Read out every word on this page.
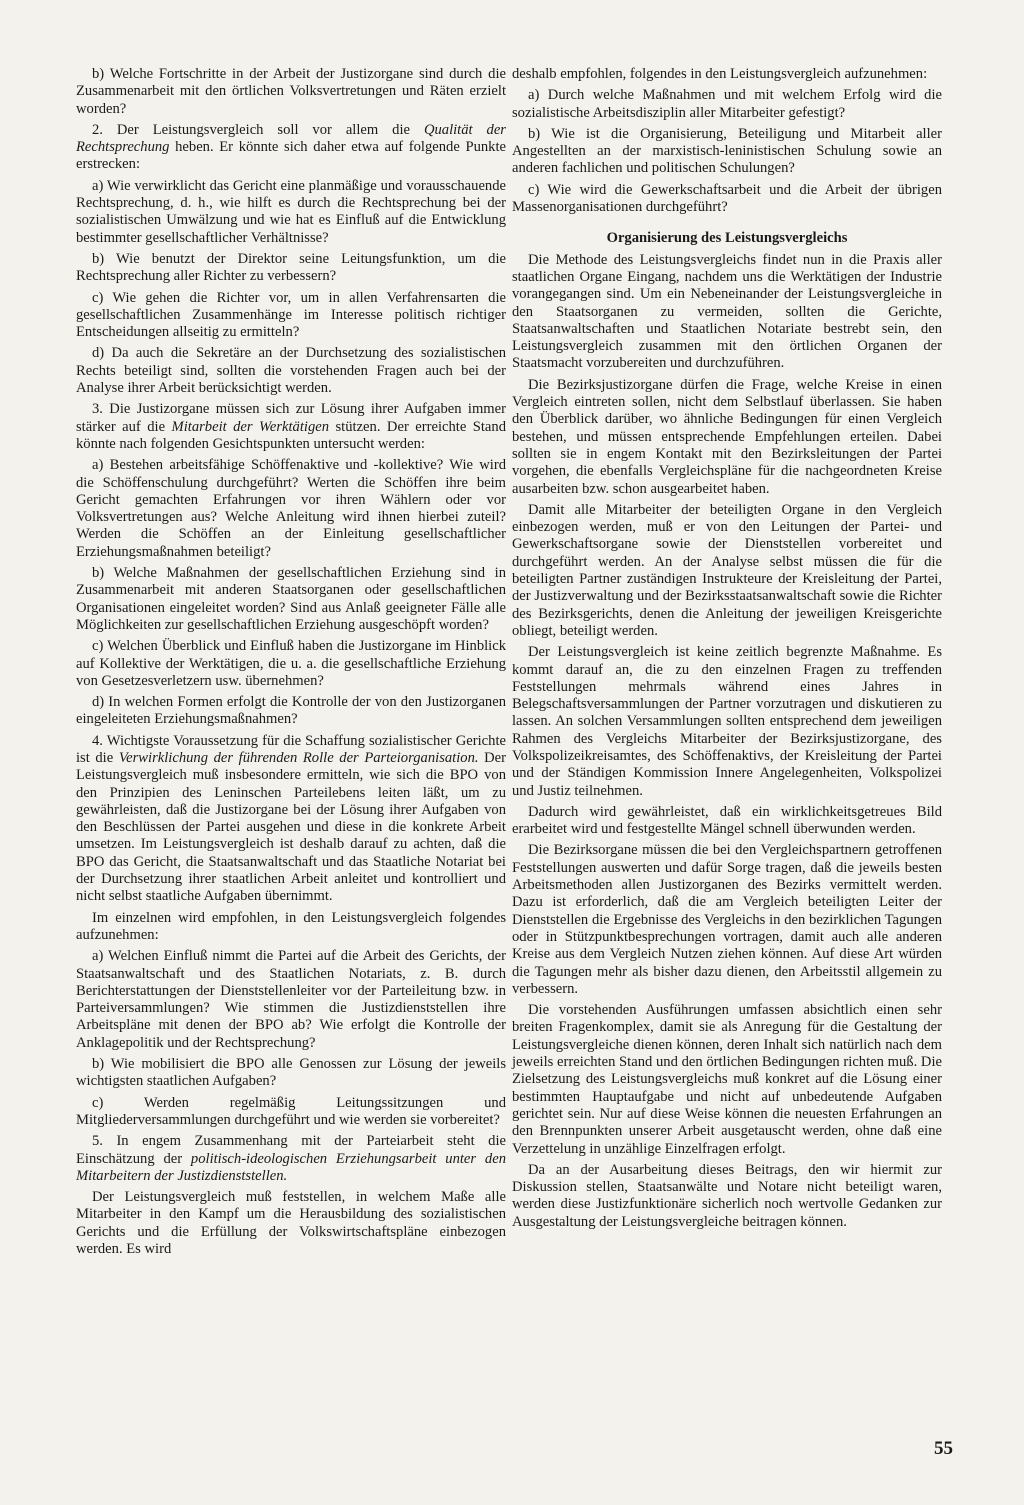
b) Welche Fortschritte in der Arbeit der Justizorgane sind durch die Zusammenarbeit mit den örtlichen Volksvertretungen und Räten erzielt worden?

2. Der Leistungsvergleich soll vor allem die Qualität der Rechtsprechung heben. Er könnte sich daher etwa auf folgende Punkte erstrecken:

a) Wie verwirklicht das Gericht eine planmäßige und vorausschauende Rechtsprechung, d. h., wie hilft es durch die Rechtsprechung bei der sozialistischen Umwälzung und wie hat es Einfluß auf die Entwicklung bestimmter gesellschaftlicher Verhältnisse?

b) Wie benutzt der Direktor seine Leitungsfunktion, um die Rechtsprechung aller Richter zu verbessern?

c) Wie gehen die Richter vor, um in allen Verfahrensarten die gesellschaftlichen Zusammenhänge im Interesse politisch richtiger Entscheidungen allseitig zu ermitteln?

d) Da auch die Sekretäre an der Durchsetzung des sozialistischen Rechts beteiligt sind, sollten die vorstehenden Fragen auch bei der Analyse ihrer Arbeit berücksichtigt werden.

3. Die Justizorgane müssen sich zur Lösung ihrer Aufgaben immer stärker auf die Mitarbeit der Werktätigen stützen. Der erreichte Stand könnte nach folgenden Gesichtspunkten untersucht werden:

a) Bestehen arbeitsfähige Schöffenaktive und -kollektive? Wie wird die Schöffenschulung durchgeführt? Werten die Schöffen ihre beim Gericht gemachten Erfahrungen vor ihren Wählern oder vor Volksvertretungen aus? Welche Anleitung wird ihnen hierbei zuteil? Werden die Schöffen an der Einleitung gesellschaftlicher Erziehungsmaßnahmen beteiligt?

b) Welche Maßnahmen der gesellschaftlichen Erziehung sind in Zusammenarbeit mit anderen Staatsorganen oder gesellschaftlichen Organisationen eingeleitet worden? Sind aus Anlaß geeigneter Fälle alle Möglichkeiten zur gesellschaftlichen Erziehung ausgeschöpft worden?

c) Welchen Überblick und Einfluß haben die Justizorgane im Hinblick auf Kollektive der Werktätigen, die u. a. die gesellschaftliche Erziehung von Gesetzesverletzern usw. übernehmen?

d) In welchen Formen erfolgt die Kontrolle der von den Justizorganen eingeleiteten Erziehungsmaßnahmen?

4. Wichtigste Voraussetzung für die Schaffung sozialistischer Gerichte ist die Verwirklichung der führenden Rolle der Parteiorganisation. Der Leistungsvergleich muß insbesondere ermitteln, wie sich die BPO von den Prinzipien des Leninschen Parteilebens leiten läßt, um zu gewährleisten, daß die Justizorgane bei der Lösung ihrer Aufgaben von den Beschlüssen der Partei ausgehen und diese in die konkrete Arbeit umsetzen. Im Leistungsvergleich ist deshalb darauf zu achten, daß die BPO das Gericht, die Staatsanwaltschaft und das Staatliche Notariat bei der Durchsetzung ihrer staatlichen Arbeit anleitet und kontrolliert und nicht selbst staatliche Aufgaben übernimmt.

Im einzelnen wird empfohlen, in den Leistungsvergleich folgendes aufzunehmen:

a) Welchen Einfluß nimmt die Partei auf die Arbeit des Gerichts, der Staatsanwaltschaft und des Staatlichen Notariats, z. B. durch Berichterstattungen der Dienststellenleiter vor der Parteileitung bzw. in Parteiversammlungen? Wie stimmen die Justizdienststellen ihre Arbeitspläne mit denen der BPO ab? Wie erfolgt die Kontrolle der Anklagepolitik und der Rechtsprechung?

b) Wie mobilisiert die BPO alle Genossen zur Lösung der jeweils wichtigsten staatlichen Aufgaben?

c) Werden regelmäßig Leitungssitzungen und Mitgliederversammlungen durchgeführt und wie werden sie vorbereitet?

5. In engem Zusammenhang mit der Parteiarbeit steht die Einschätzung der politisch-ideologischen Erziehungsarbeit unter den Mitarbeitern der Justizdienststellen.

Der Leistungsvergleich muß feststellen, in welchem Maße alle Mitarbeiter in den Kampf um die Herausbildung des sozialistischen Gerichts und die Erfüllung der Volkswirtschaftspläne einbezogen werden. Es wird

deshalb empfohlen, folgendes in den Leistungsvergleich aufzunehmen:

a) Durch welche Maßnahmen und mit welchem Erfolg wird die sozialistische Arbeitsdisziplin aller Mitarbeiter gefestigt?

b) Wie ist die Organisierung, Beteiligung und Mitarbeit aller Angestellten an der marxistisch-leninistischen Schulung sowie an anderen fachlichen und politischen Schulungen?

c) Wie wird die Gewerkschaftsarbeit und die Arbeit der übrigen Massenorganisationen durchgeführt?

Organisierung des Leistungsvergleichs

Die Methode des Leistungsvergleichs findet nun in die Praxis aller staatlichen Organe Eingang, nachdem uns die Werktätigen der Industrie vorangegangen sind. Um ein Nebeneinander der Leistungsvergleiche in den Staatsorganen zu vermeiden, sollten die Gerichte, Staatsanwaltschaften und Staatlichen Notariate bestrebt sein, den Leistungsvergleich zusammen mit den örtlichen Organen der Staatsmacht vorzubereiten und durchzuführen.

Die Bezirksjustizorgane dürfen die Frage, welche Kreise in einen Vergleich eintreten sollen, nicht dem Selbstlauf überlassen. Sie haben den Überblick darüber, wo ähnliche Bedingungen für einen Vergleich bestehen, und müssen entsprechende Empfehlungen erteilen. Dabei sollten sie in engem Kontakt mit den Bezirksleitungen der Partei vorgehen, die ebenfalls Vergleichspläne für die nachgeordneten Kreise ausarbeiten bzw. schon ausgearbeitet haben.

Damit alle Mitarbeiter der beteiligten Organe in den Vergleich einbezogen werden, muß er von den Leitungen der Partei- und Gewerkschaftsorgane sowie der Dienststellen vorbereitet und durchgeführt werden. An der Analyse selbst müssen die für die beteiligten Partner zuständigen Instrukteure der Kreisleitung der Partei, der Justizverwaltung und der Bezirksstaatsanwaltschaft sowie die Richter des Bezirksgerichts, denen die Anleitung der jeweiligen Kreisgerichte obliegt, beteiligt werden.

Der Leistungsvergleich ist keine zeitlich begrenzte Maßnahme. Es kommt darauf an, die zu den einzelnen Fragen zu treffenden Feststellungen mehrmals während eines Jahres in Belegschaftsversammlungen der Partner vorzutragen und diskutieren zu lassen. An solchen Versammlungen sollten entsprechend dem jeweiligen Rahmen des Vergleichs Mitarbeiter der Bezirksjustizorgane, des Volkspolizeikreisamtes, des Schöffenaktivs, der Kreisleitung der Partei und der Ständigen Kommission Innere Angelegenheiten, Volkspolizei und Justiz teilnehmen.

Dadurch wird gewährleistet, daß ein wirklichkeitsgetreues Bild erarbeitet wird und festgestellte Mängel schnell überwunden werden.

Die Bezirksorgane müssen die bei den Vergleichspartnern getroffenen Feststellungen auswerten und dafür Sorge tragen, daß die jeweils besten Arbeitsmethoden allen Justizorganen des Bezirks vermittelt werden. Dazu ist erforderlich, daß die am Vergleich beteiligten Leiter der Dienststellen die Ergebnisse des Vergleichs in den bezirklichen Tagungen oder in Stützpunktbesprechungen vortragen, damit auch alle anderen Kreise aus dem Vergleich Nutzen ziehen können. Auf diese Art würden die Tagungen mehr als bisher dazu dienen, den Arbeitsstil allgemein zu verbessern.

Die vorstehenden Ausführungen umfassen absichtlich einen sehr breiten Fragenkomplex, damit sie als Anregung für die Gestaltung der Leistungsvergleiche dienen können, deren Inhalt sich natürlich nach dem jeweils erreichten Stand und den örtlichen Bedingungen richten muß. Die Zielsetzung des Leistungsvergleichs muß konkret auf die Lösung einer bestimmten Hauptaufgabe und nicht auf unbedeutende Aufgaben gerichtet sein. Nur auf diese Weise können die neuesten Erfahrungen an den Brennpunkten unserer Arbeit ausgetauscht werden, ohne daß eine Verzettelung in unzählige Einzelfragen erfolgt.

Da an der Ausarbeitung dieses Beitrags, den wir hiermit zur Diskussion stellen, Staatsanwälte und Notare nicht beteiligt waren, werden diese Justizfunktionäre sicherlich noch wertvolle Gedanken zur Ausgestaltung der Leistungsvergleiche beitragen können.

55
